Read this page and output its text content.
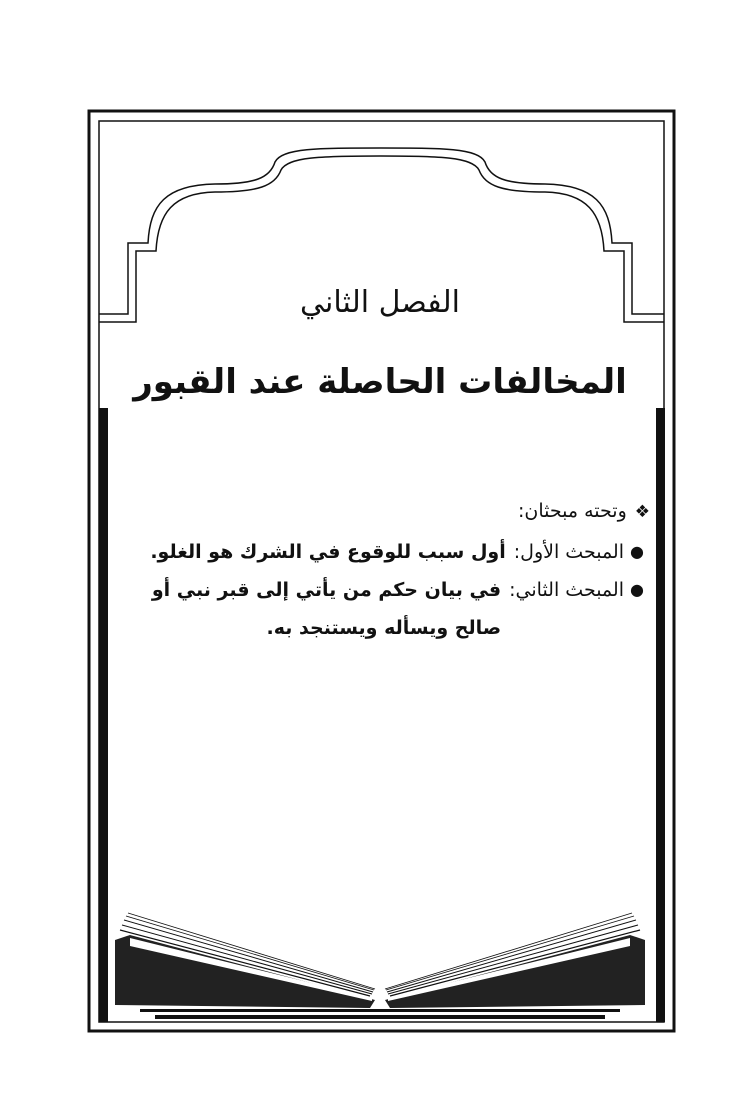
الفصل الثاني
المخالفات الحاصلة عند القبور
❖وتحته مبحثان:
●
المبحث الأول:
أول سبب للوقوع في الشرك هو الغلو.
●
المبحث الثاني:
في بيان حكم من يأتي إلى قبر نبي أو صالح ويسأله ويستنجد به.
